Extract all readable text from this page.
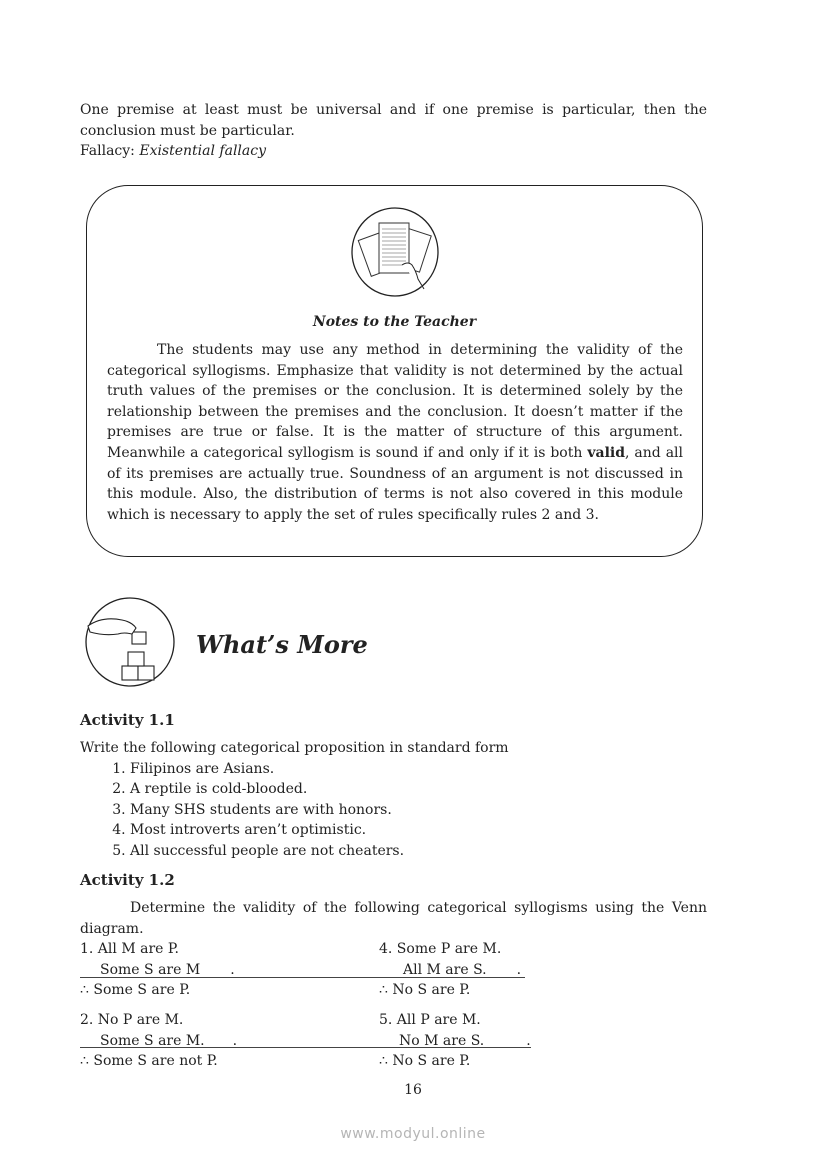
One premise at least must be universal and if one premise is particular, then the conclusion must be particular.
Fallacy: Existential fallacy
Notes to the Teacher
The students may use any method in determining the validity of the categorical syllogisms. Emphasize that validity is not determined by the actual truth values of the premises or the conclusion. It is determined solely by the relationship between the premises and the conclusion. It doesn’t matter if the premises are true or false. It is the matter of structure of this argument. Meanwhile a categorical syllogism is sound if and only if it is both valid, and all of its premises are actually true. Soundness of an argument is not discussed in this module. Also, the distribution of terms is not also covered in this module which is necessary to apply the set of rules specifically rules 2 and 3.
What’s More
Activity 1.1

Write the following categorical proposition in standard form

1. Filipinos are Asians.
2. A reptile is cold-blooded.
3. Many SHS students are with honors.
4. Most introverts aren’t optimistic.
5. All successful people are not cheaters.
Activity 1.2
Determine the validity of the following categorical syllogisms using the Venn diagram.
1. All M are P.
Some S are M .
∴ Some S are P.
2. No P are M.
Some S are M. .
∴ Some S are not P.
4. Some P are M.
All M are S. .
∴ No S are P.
5. All P are M.
No M are S.	.
∴ No S are P.
16
www.modyul.online
